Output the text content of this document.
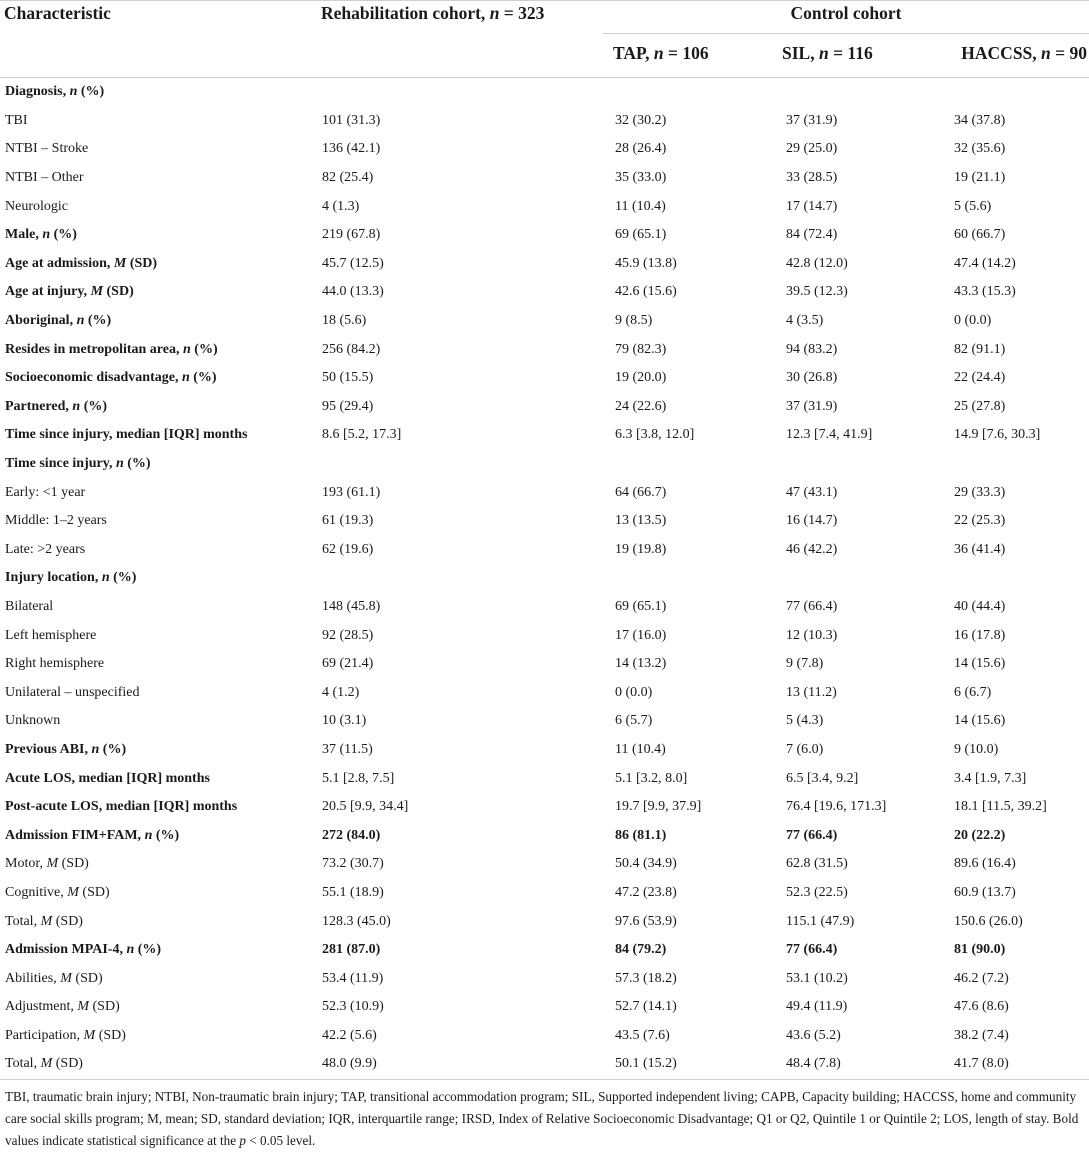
Characteristic	Rehabilitation cohort, n = 323	Control cohort		
		TAP, n = 106	SIL, n = 116	HACCSS, n = 90
Diagnosis, n (%)				
TBI	101 (31.3)	32 (30.2)	37 (31.9)	34 (37.8)
NTBI – Stroke	136 (42.1)	28 (26.4)	29 (25.0)	32 (35.6)
NTBI – Other	82 (25.4)	35 (33.0)	33 (28.5)	19 (21.1)
Neurologic	4 (1.3)	11 (10.4)	17 (14.7)	5 (5.6)
Male, n (%)	219 (67.8)	69 (65.1)	84 (72.4)	60 (66.7)
Age at admission, M (SD)	45.7 (12.5)	45.9 (13.8)	42.8 (12.0)	47.4 (14.2)
Age at injury, M (SD)	44.0 (13.3)	42.6 (15.6)	39.5 (12.3)	43.3 (15.3)
Aboriginal, n (%)	18 (5.6)	9 (8.5)	4 (3.5)	0 (0.0)
Resides in metropolitan area, n (%)	256 (84.2)	79 (82.3)	94 (83.2)	82 (91.1)
Socioeconomic disadvantage, n (%)	50 (15.5)	19 (20.0)	30 (26.8)	22 (24.4)
Partnered, n (%)	95 (29.4)	24 (22.6)	37 (31.9)	25 (27.8)
Time since injury, median [IQR] months	8.6 [5.2, 17.3]	6.3 [3.8, 12.0]	12.3 [7.4, 41.9]	14.9 [7.6, 30.3]
Time since injury, n (%)				
Early: <1 year	193 (61.1)	64 (66.7)	47 (43.1)	29 (33.3)
Middle: 1–2 years	61 (19.3)	13 (13.5)	16 (14.7)	22 (25.3)
Late: >2 years	62 (19.6)	19 (19.8)	46 (42.2)	36 (41.4)
Injury location, n (%)				
Bilateral	148 (45.8)	69 (65.1)	77 (66.4)	40 (44.4)
Left hemisphere	92 (28.5)	17 (16.0)	12 (10.3)	16 (17.8)
Right hemisphere	69 (21.4)	14 (13.2)	9 (7.8)	14 (15.6)
Unilateral – unspecified	4 (1.2)	0 (0.0)	13 (11.2)	6 (6.7)
Unknown	10 (3.1)	6 (5.7)	5 (4.3)	14 (15.6)
Previous ABI, n (%)	37 (11.5)	11 (10.4)	7 (6.0)	9 (10.0)
Acute LOS, median [IQR] months	5.1 [2.8, 7.5]	5.1 [3.2, 8.0]	6.5 [3.4, 9.2]	3.4 [1.9, 7.3]
Post-acute LOS, median [IQR] months	20.5 [9.9, 34.4]	19.7 [9.9, 37.9]	76.4 [19.6, 171.3]	18.1 [11.5, 39.2]
Admission FIM+FAM, n (%)	272 (84.0)	86 (81.1)	77 (66.4)	20 (22.2)
Motor, M (SD)	73.2 (30.7)	50.4 (34.9)	62.8 (31.5)	89.6 (16.4)
Cognitive, M (SD)	55.1 (18.9)	47.2 (23.8)	52.3 (22.5)	60.9 (13.7)
Total, M (SD)	128.3 (45.0)	97.6 (53.9)	115.1 (47.9)	150.6 (26.0)
Admission MPAI-4, n (%)	281 (87.0)	84 (79.2)	77 (66.4)	81 (90.0)
Abilities, M (SD)	53.4 (11.9)	57.3 (18.2)	53.1 (10.2)	46.2 (7.2)
Adjustment, M (SD)	52.3 (10.9)	52.7 (14.1)	49.4 (11.9)	47.6 (8.6)
Participation, M (SD)	42.2 (5.6)	43.5 (7.6)	43.6 (5.2)	38.2 (7.4)
Total, M (SD)	48.0 (9.9)	50.1 (15.2)	48.4 (7.8)	41.7 (8.0)
TBI, traumatic brain injury; NTBI, Non-traumatic brain injury; TAP, transitional accommodation program; SIL, Supported independent living; CAPB, Capacity building; HACCSS, home and community care social skills program; M, mean; SD, standard deviation; IQR, interquartile range; IRSD, Index of Relative Socioeconomic Disadvantage; Q1 or Q2, Quintile 1 or Quintile 2; LOS, length of stay. Bold values indicate statistical significance at the p < 0.05 level.
